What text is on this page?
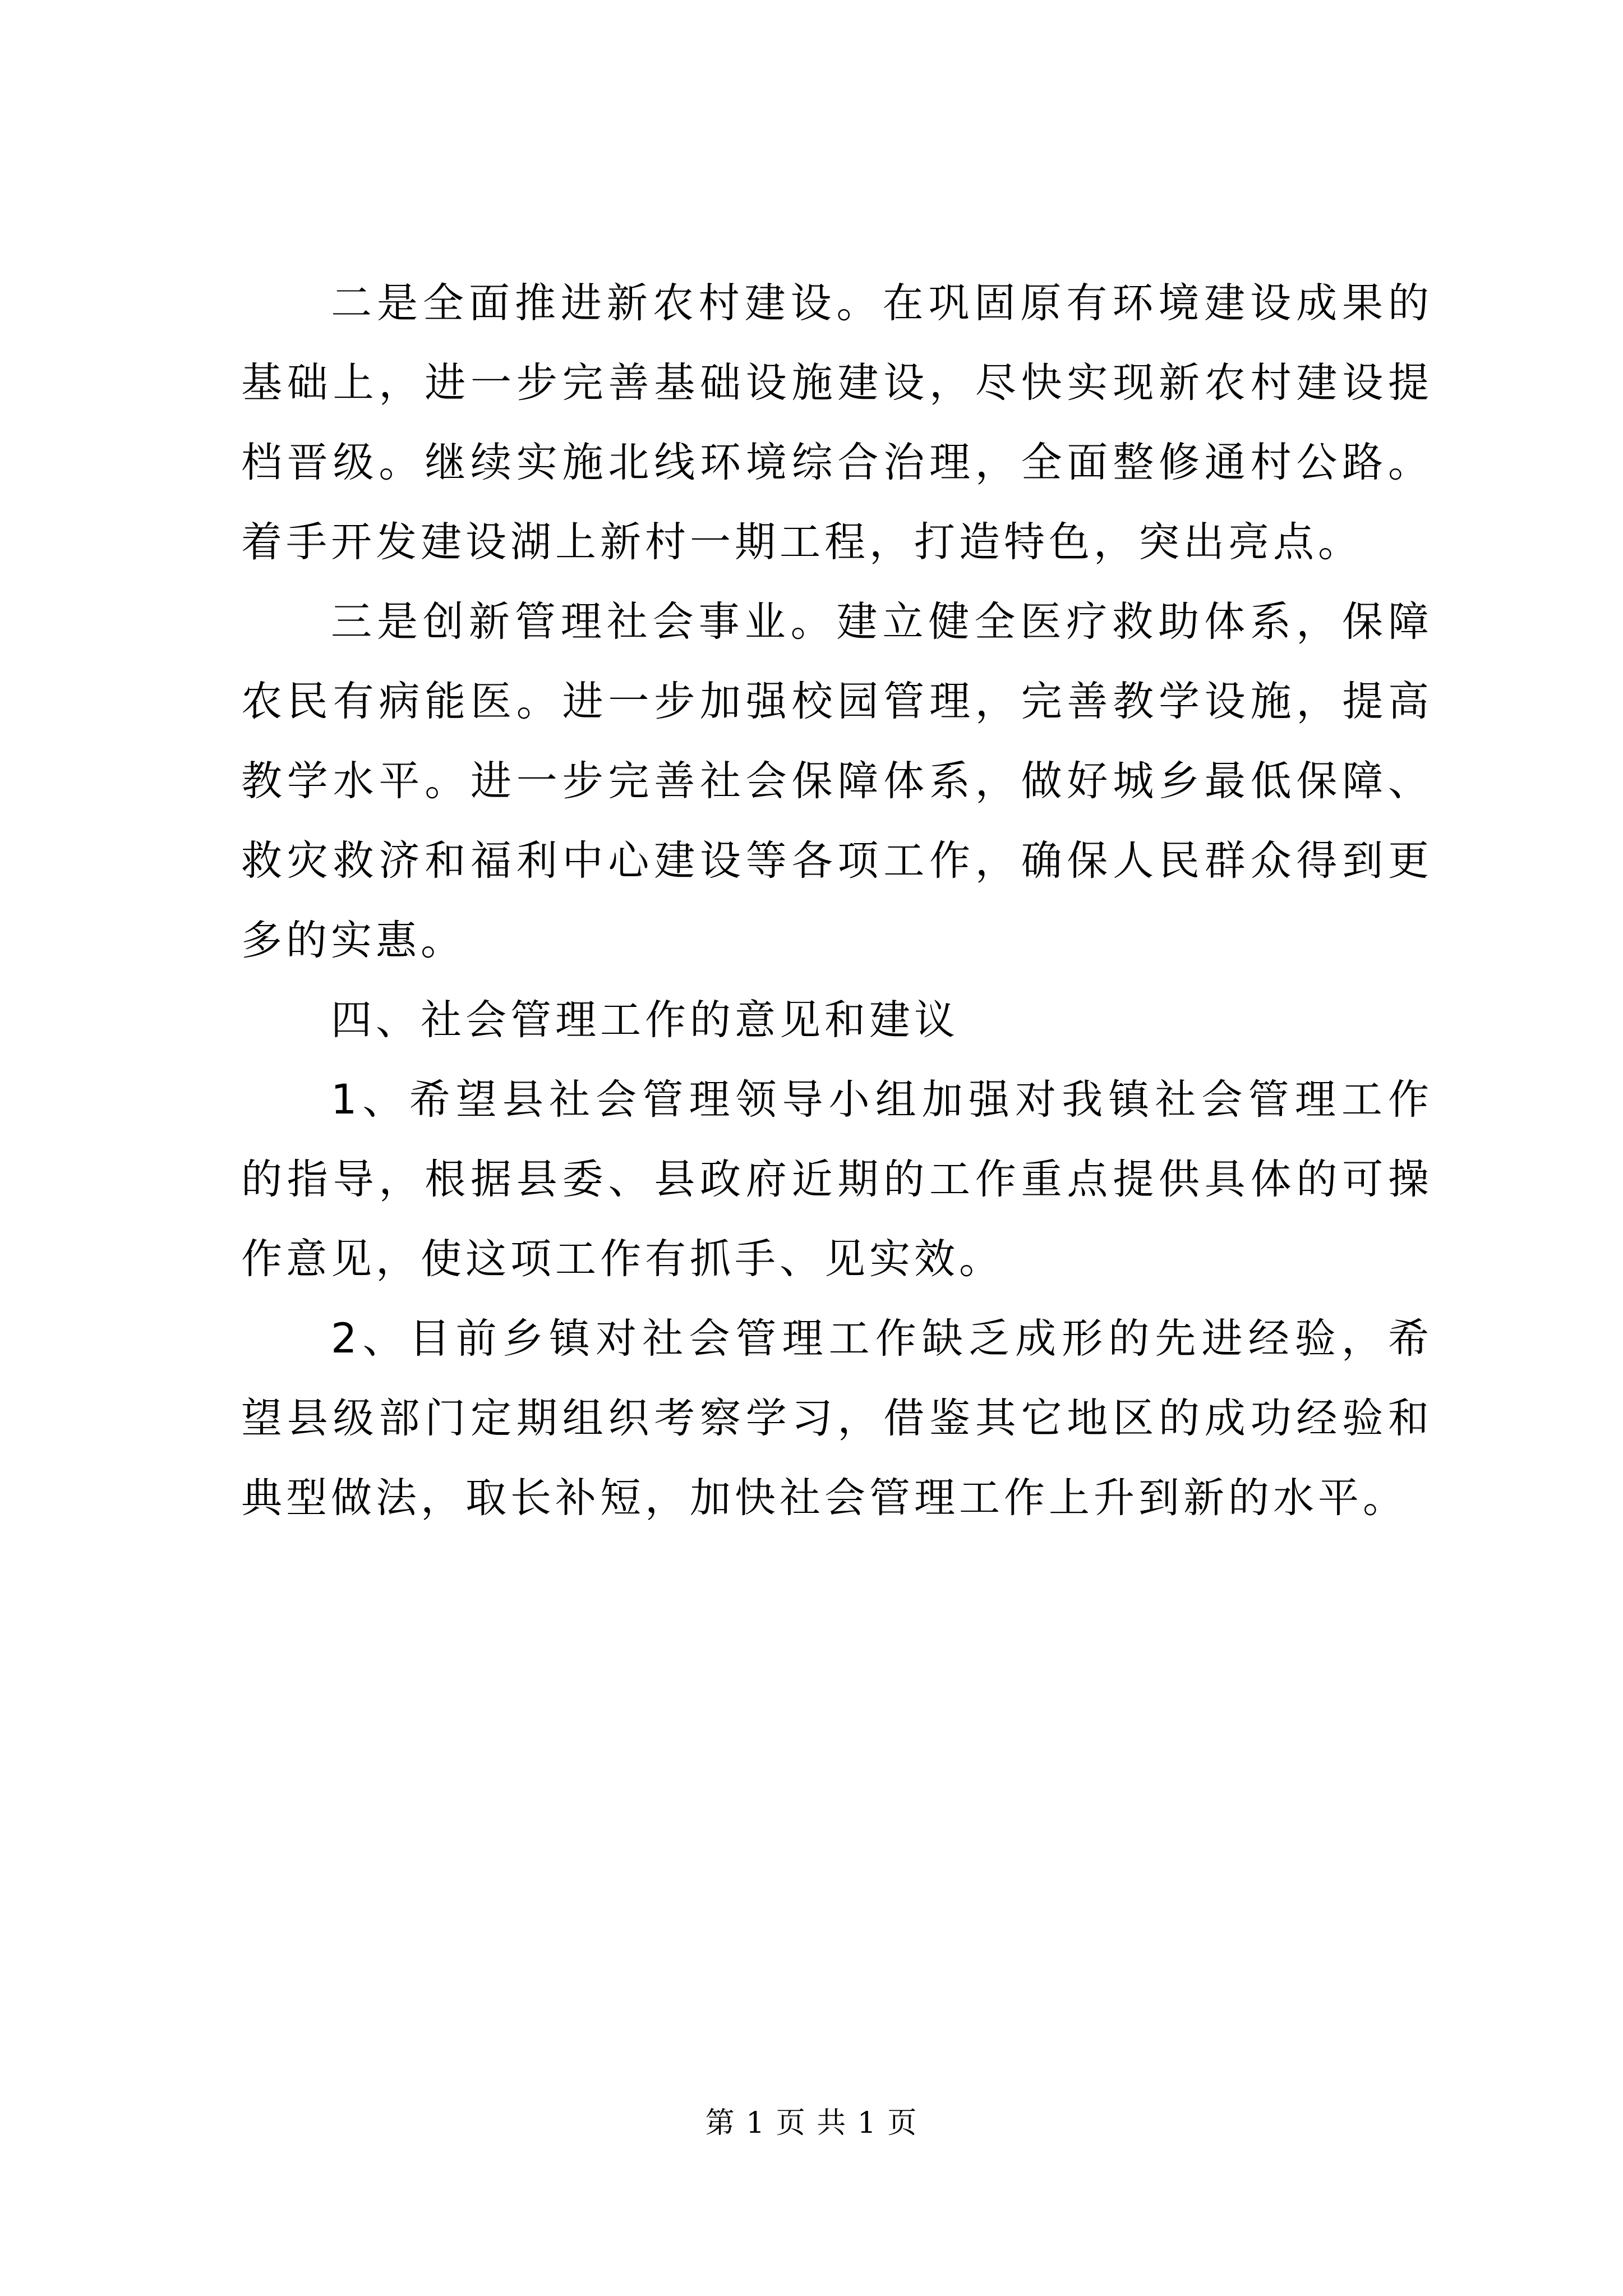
二是全面推进新农村建设。在巩固原有环境建设成果的基础上，进一步完善基础设施建设，尽快实现新农村建设提档晋级。继续实施北线环境综合治理，全面整修通村公路。着手开发建设湖上新村一期工程，打造特色，突出亮点。

三是创新管理社会事业。建立健全医疗救助体系，保障农民有病能医。进一步加强校园管理，完善教学设施，提高教学水平。进一步完善社会保障体系，做好城乡最低保障、救灾救济和福利中心建设等各项工作，确保人民群众得到更多的实惠。

四、社会管理工作的意见和建议

1、希望县社会管理领导小组加强对我镇社会管理工作的指导，根据县委、县政府近期的工作重点提供具体的可操作意见，使这项工作有抓手、见实效。

2、目前乡镇对社会管理工作缺乏成形的先进经验，希望县级部门定期组织考察学习，借鉴其它地区的成功经验和典型做法，取长补短，加快社会管理工作上升到新的水平。

第 1 页 共 1 页
